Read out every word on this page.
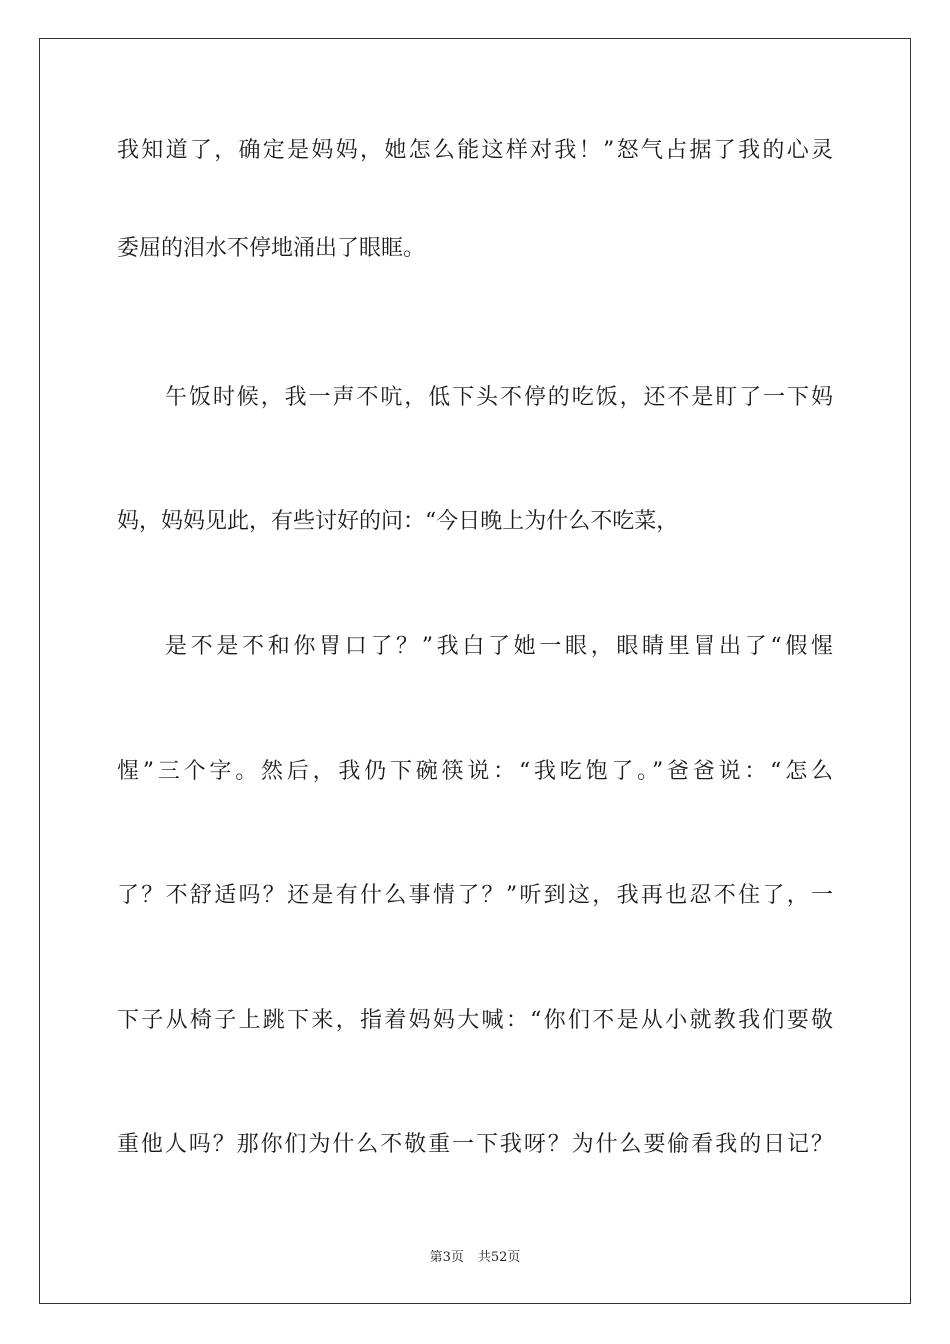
我知道了，确定是妈妈，她怎么能这样对我！”怒气占据了我的心灵

委屈的泪水不停地涌出了眼眶。

午饭时候，我一声不吭，低下头不停的吃饭，还不是盯了一下妈

妈，妈妈见此，有些讨好的问：“今日晚上为什么不吃菜，

是不是不和你胃口了？”我白了她一眼，眼睛里冒出了“假惺

惺”三个字。然后，我仍下碗筷说：“我吃饱了。”爸爸说：“怎么

了？不舒适吗？还是有什么事情了？”听到这，我再也忍不住了，一

下子从椅子上跳下来，指着妈妈大喊：“你们不是从小就教我们要敬

重他人吗？那你们为什么不敬重一下我呀？为什么要偷看我的日记？

第3页 共52页
